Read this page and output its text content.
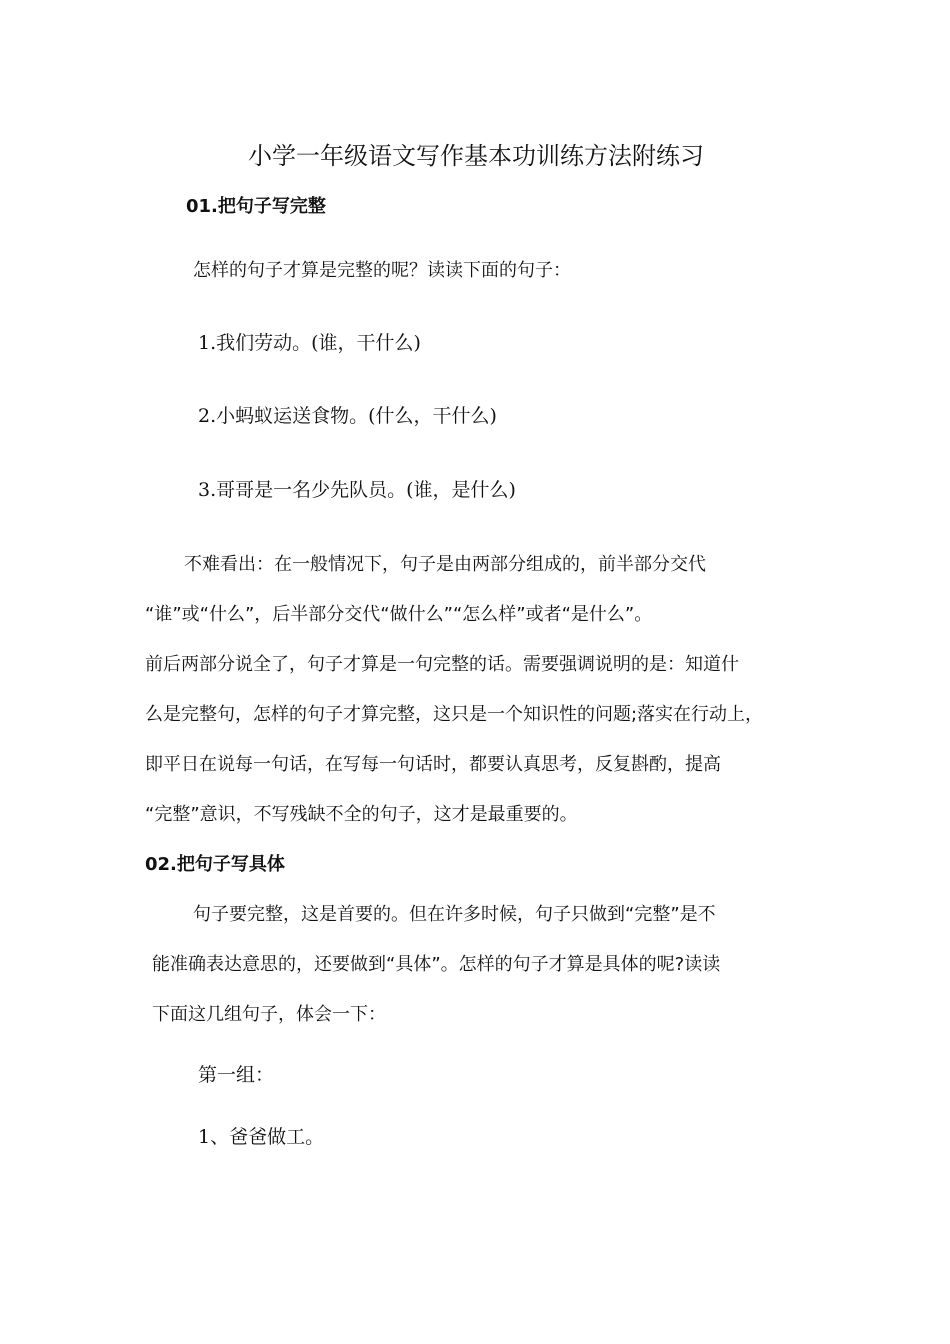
小学一年级语文写作基本功训练方法附练习

01.把句子写完整

怎样的句子才算是完整的呢？读读下面的句子：

1.我们劳动。(谁，干什么)

2.小蚂蚁运送食物。(什么，干什么)

3.哥哥是一名少先队员。(谁，是什么)

不难看出：在一般情况下，句子是由两部分组成的，前半部分交代

“谁”或“什么”，后半部分交代“做什么”“怎么样”或者“是什么”。

前后两部分说全了，句子才算是一句完整的话。需要强调说明的是：知道什

么是完整句，怎样的句子才算完整，这只是一个知识性的问题;落实在行动上，

即平日在说每一句话，在写每一句话时，都要认真思考，反复斟酌，提高

“完整”意识，不写残缺不全的句子，这才是最重要的。

02.把句子写具体

句子要完整，这是首要的。但在许多时候，句子只做到“完整”是不

能准确表达意思的，还要做到“具体”。怎样的句子才算是具体的呢?读读

下面这几组句子，体会一下：

第一组：

1、爸爸做工。
